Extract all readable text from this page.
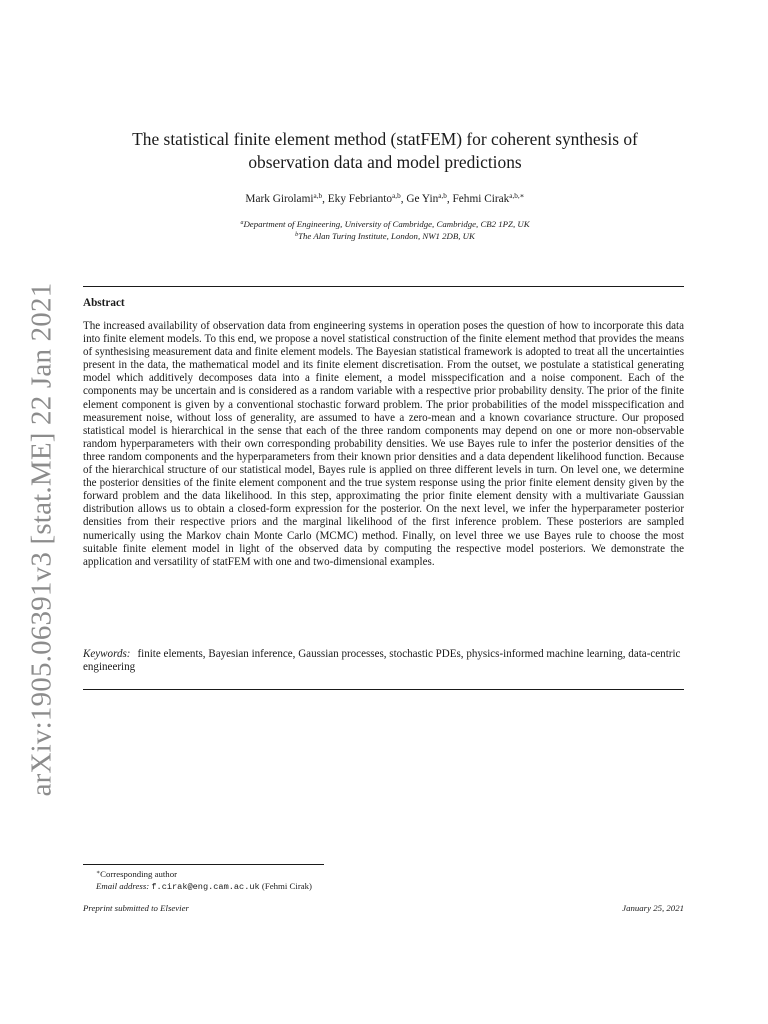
arXiv:1905.06391v3 [stat.ME] 22 Jan 2021
The statistical finite element method (statFEM) for coherent synthesis of observation data and model predictions
Mark Girolami$^{a,b}$, Eky Febrianto$^{a,b}$, Ge Yin$^{a,b}$, Fehmi Cirak$^{a,b,∗}$
$^a$Department of Engineering, University of Cambridge, Cambridge, CB2 1PZ, UK
$^b$The Alan Turing Institute, London, NW1 2DB, UK
Abstract
The increased availability of observation data from engineering systems in operation poses the question of how to incorporate this data into finite element models. To this end, we propose a novel statistical construction of the finite element method that provides the means of synthesising measurement data and finite element models. The Bayesian statistical framework is adopted to treat all the uncertainties present in the data, the mathematical model and its finite element discretisation. From the outset, we postulate a statistical generating model which additively decomposes data into a finite element, a model misspecification and a noise component. Each of the components may be uncertain and is considered as a random variable with a respective prior probability density. The prior of the finite element component is given by a conventional stochastic forward problem. The prior probabilities of the model misspecification and measurement noise, without loss of generality, are assumed to have a zero-mean and a known covariance structure. Our proposed statistical model is hierarchical in the sense that each of the three random components may depend on one or more non-observable random hyperparameters with their own corresponding probability densities. We use Bayes rule to infer the posterior densities of the three random components and the hyperparameters from their known prior densities and a data dependent likelihood function. Because of the hierarchical structure of our statistical model, Bayes rule is applied on three different levels in turn. On level one, we determine the posterior densities of the finite element component and the true system response using the prior finite element density given by the forward problem and the data likelihood. In this step, approximating the prior finite element density with a multivariate Gaussian distribution allows us to obtain a closed-form expression for the posterior. On the next level, we infer the hyperparameter posterior densities from their respective priors and the marginal likelihood of the first inference problem. These posteriors are sampled numerically using the Markov chain Monte Carlo (MCMC) method. Finally, on level three we use Bayes rule to choose the most suitable finite element model in light of the observed data by computing the respective model posteriors. We demonstrate the application and versatility of statFEM with one and two-dimensional examples.
Keywords: finite elements, Bayesian inference, Gaussian processes, stochastic PDEs, physics-informed machine learning, data-centric engineering
∗Corresponding author
Email address: f.cirak@eng.cam.ac.uk (Fehmi Cirak)
Preprint submitted to Elsevier	January 25, 2021
